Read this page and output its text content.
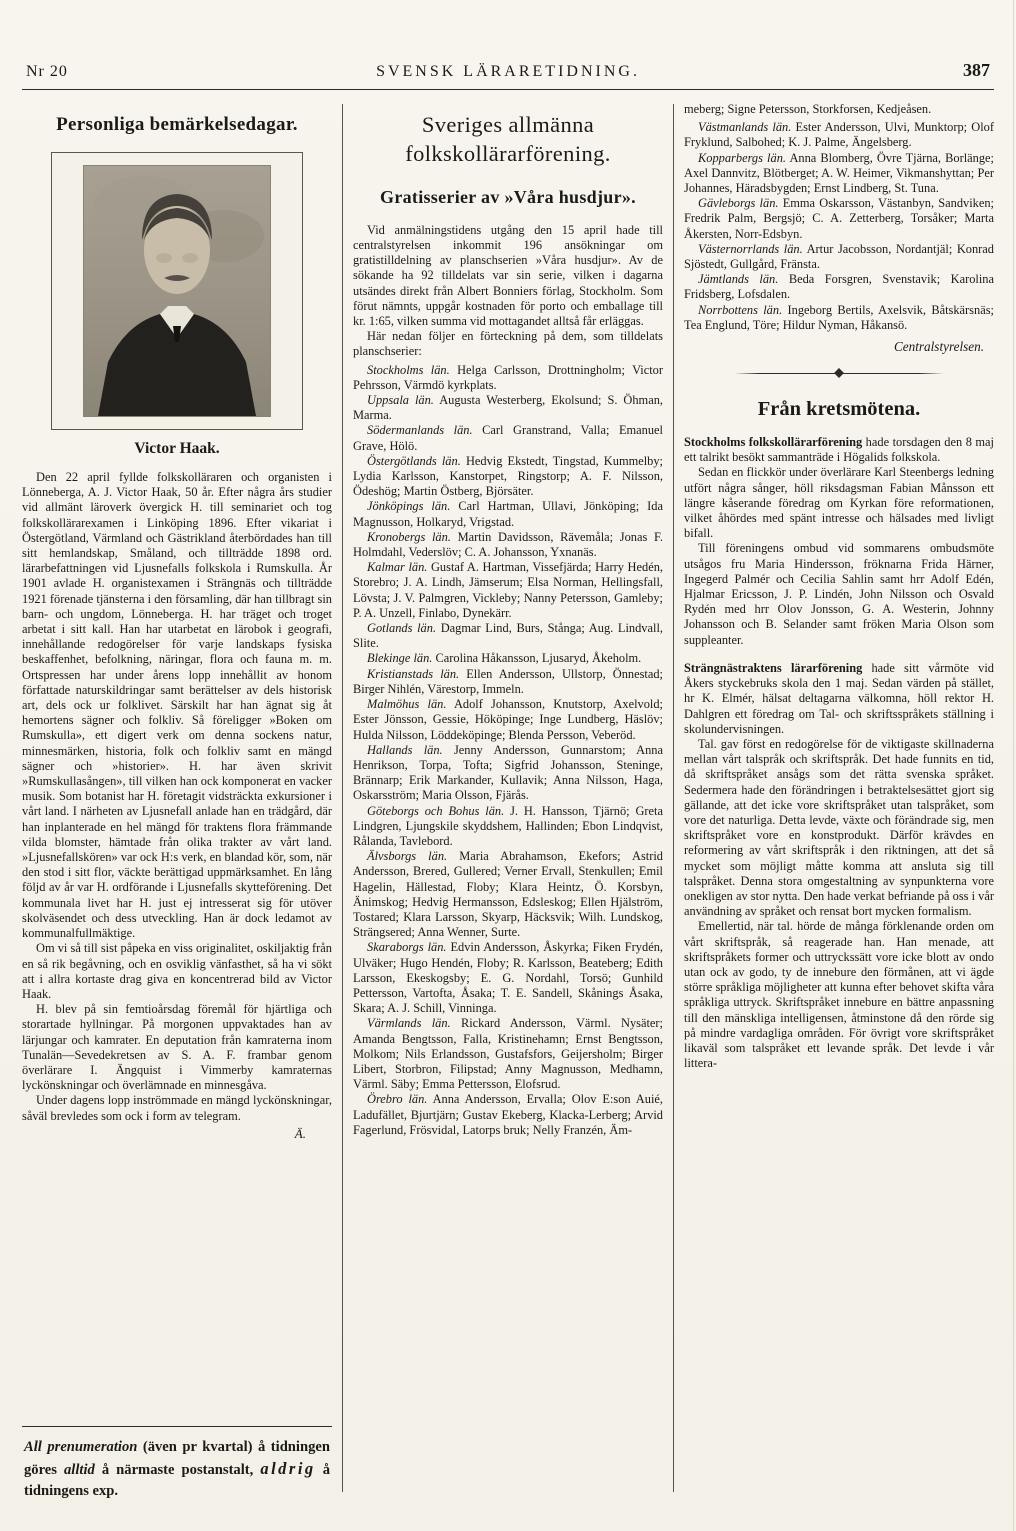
Nr 20	SVENSK LÄRARETIDNING.	387
Personliga bemärkelsedagar.

Victor Haak.

Den 22 april fyllde folkskolläraren och organisten i Lönneberga, A. J. Victor Haak, 50 år. Efter några års studier vid allmänt läroverk övergick H. till seminariet och tog folkskollärarexamen i Linköping 1896. Efter vikariat i Östergötland, Värmland och Gästrikland återbördades han till sitt hemlandskap, Småland, och tillträdde 1898 ord. lärarbefattningen vid Ljusnefalls folkskola i Rumskulla. År 1901 avlade H. organistexamen i Strängnäs och tillträdde 1921 förenade tjänsterna i den församling, där han tillbragt sin barn- och ungdom, Lönneberga. H. har träget och troget arbetat i sitt kall. Han har utarbetat en lärobok i geografi, innehållande redogörelser för varje landskaps fysiska beskaffenhet, befolkning, näringar, flora och fauna m. m. Ortspressen har under årens lopp innehållit av honom författade naturskildringar samt berättelser av dels historisk art, dels ock ur folklivet. Särskilt har han ägnat sig åt hemortens sägner och folkliv. Så föreligger »Boken om Rumskulla», ett digert verk om denna sockens natur, minnesmärken, historia, folk och folkliv samt en mängd sägner och »historier». H. har även skrivit »Rumskullasången», till vilken han ock komponerat en vacker musik. Som botanist har H. företagit vidsträckta exkursioner i vårt land. I närheten av Ljusnefall anlade han en trädgård, där han inplanterade en hel mängd för traktens flora främmande vilda blomster, hämtade från olika trakter av vårt land. »Ljusnefallskören» var ock H:s verk, en blandad kör, som, när den stod i sitt flor, väckte berättigad uppmärksamhet. En lång följd av år var H. ordförande i Ljusnefalls skytteförening. Det kommunala livet har H. just ej intresserat sig för utöver skolväsendet och dess utveckling. Han är dock ledamot av kommunalfullmäktige.

Om vi så till sist påpeka en viss originalitet, oskiljaktig från en så rik begåvning, och en osviklig vänfasthet, så ha vi sökt att i allra kortaste drag giva en koncentrerad bild av Victor Haak.

H. blev på sin femtioårsdag föremål för hjärtliga och storartade hyllningar. På morgonen uppvaktades han av lärjungar och kamrater. En deputation från kamraterna inom Tunalän—Sevedekretsen av S. A. F. frambar genom överlärare I. Ängquist i Vimmerby kamraternas lyckönskningar och överlämnade en minnesgåva.

Under dagens lopp inströmmade en mängd lyckönskningar, såväl brevledes som ock i form av telegram.

Ä.

All prenumeration (även pr kvartal) å tidningen göres alltid å närmaste postanstalt, aldrig å tidningens exp.

Sveriges allmänna folkskollärarförening.
Gratisserier av »Våra husdjur».

Vid anmälningstidens utgång den 15 april hade till centralstyrelsen inkommit 196 ansökningar om gratistilldelning av planschserien »Våra husdjur». Av de sökande ha 92 tilldelats var sin serie, vilken i dagarna utsändes direkt från Albert Bonniers förlag, Stockholm. Som förut nämnts, uppgår kostnaden för porto och emballage till kr. 1:65, vilken summa vid mottagandet alltså får erläggas.

Här nedan följer en förteckning på dem, som tilldelats planschserier:

Stockholms län. Helga Carlsson, Drottningholm; Victor Pehrsson, Värmdö kyrkplats.

Uppsala län. Augusta Westerberg, Ekolsund; S. Öhman, Marma.

Södermanlands län. Carl Granstrand, Valla; Emanuel Grave, Hölö.

Östergötlands län. Hedvig Ekstedt, Tingstad, Kummelby; Lydia Karlsson, Kanstorpet, Ringstorp; A. F. Nilsson, Ödeshög; Martin Östberg, Björsäter.

Jönköpings län. Carl Hartman, Ullavi, Jönköping; Ida Magnusson, Holkaryd, Vrigstad.

Kronobergs län. Martin Davidsson, Rävemåla; Jonas F. Holmdahl, Vederslöv; C. A. Johansson, Yxnanäs.

Kalmar län. Gustaf A. Hartman, Vissefjärda; Harry Hedén, Storebro; J. A. Lindh, Jämserum; Elsa Norman, Hellingsfall, Lövsta; J. V. Palmgren, Vickleby; Nanny Petersson, Gamleby; P. A. Unzell, Finlabo, Dynekärr.

Gotlands län. Dagmar Lind, Burs, Stånga; Aug. Lindvall, Slite.

Blekinge län. Carolina Håkansson, Ljusaryd, Åkeholm.

Kristianstads län. Ellen Andersson, Ullstorp, Önnestad; Birger Nihlén, Värestorp, Immeln.

Malmöhus län. Adolf Johansson, Knutstorp, Axelvold; Ester Jönsson, Gessie, Hököpinge; Inge Lundberg, Häslöv; Hulda Nilsson, Löddeköpinge; Blenda Persson, Veberöd.

Hallands län. Jenny Andersson, Gunnarstom; Anna Henrikson, Torpa, Tofta; Sigfrid Johansson, Steninge, Brännarp; Erik Markander, Kullavik; Anna Nilsson, Haga, Oskarsström; Maria Olsson, Fjärås.

Göteborgs och Bohus län. J. H. Hansson, Tjärnö; Greta Lindgren, Ljungskile skyddshem, Hallinden; Ebon Lindqvist, Rålanda, Tavlebord.

Älvsborgs län. Maria Abrahamson, Ekefors; Astrid Andersson, Brered, Gullered; Verner Ervall, Stenkullen; Emil Hagelin, Hällestad, Floby; Klara Heintz, Ö. Korsbyn, Änimskog; Hedvig Hermansson, Edsleskog; Ellen Hjälström, Tostared; Klara Larsson, Skyarp, Häcksvik; Wilh. Lundskog, Strängsered; Anna Wenner, Surte.

Skaraborgs län. Edvin Andersson, Åskyrka; Fiken Frydén, Ulväker; Hugo Hendén, Floby; R. Karlsson, Beateberg; Edith Larsson, Ekeskogsby; E. G. Nordahl, Torsö; Gunhild Pettersson, Vartofta, Åsaka; T. E. Sandell, Skånings Åsaka, Skara; A. J. Schill, Vinninga.

Värmlands län. Rickard Andersson, Värml. Nysäter; Amanda Bengtsson, Falla, Kristinehamn; Ernst Bengtsson, Molkom; Nils Erlandsson, Gustafsfors, Geijersholm; Birger Libert, Storbron, Filipstad; Anny Magnusson, Medhamn, Värml. Säby; Emma Pettersson, Elofsrud.

Örebro län. Anna Andersson, Ervalla; Olov E:son Auié, Ladufället, Bjurtjärn; Gustav Ekeberg, Klacka-Lerberg; Arvid Fagerlund, Frösvidal, Latorps bruk; Nelly Franzén, Äm-

meberg; Signe Petersson, Storkforsen, Kedjeåsen.

Västmanlands län. Ester Andersson, Ulvi, Munktorp; Olof Fryklund, Salbohed; K. J. Palme, Ängelsberg.

Kopparbergs län. Anna Blomberg, Övre Tjärna, Borlänge; Axel Dannvitz, Blötberget; A. W. Heimer, Vikmanshyttan; Per Johannes, Häradsbygden; Ernst Lindberg, St. Tuna.

Gävleborgs län. Emma Oskarsson, Västanbyn, Sandviken; Fredrik Palm, Bergsjö; C. A. Zetterberg, Torsåker; Marta Åkersten, Norr-Edsbyn.

Västernorrlands län. Artur Jacobsson, Nordantjäl; Konrad Sjöstedt, Gullgård, Fränsta.

Jämtlands län. Beda Forsgren, Svenstavik; Karolina Fridsberg, Lofsdalen.

Norrbottens län. Ingeborg Bertils, Axelsvik, Båtskärsnäs; Tea Englund, Töre; Hildur Nyman, Håkansö.

Centralstyrelsen.

Från kretsmötena.

Stockholms folkskollärarförening hade torsdagen den 8 maj ett talrikt besökt sammanträde i Högalids folkskola.

Sedan en flickkör under överlärare Karl Steenbergs ledning utfört några sånger, höll riksdagsman Fabian Månsson ett längre kåserande föredrag om Kyrkan före reformationen, vilket åhördes med spänt intresse och hälsades med livligt bifall.

Till föreningens ombud vid sommarens ombudsmöte utsågos fru Maria Hindersson, fröknarna Frida Härner, Ingegerd Palmér och Cecilia Sahlin samt hrr Adolf Edén, Hjalmar Ericsson, J. P. Lindén, John Nilsson och Osvald Rydén med hrr Olov Jonsson, G. A. Westerin, Johnny Johansson och B. Selander samt fröken Maria Olson som suppleanter.

Strängnästraktens lärarförening hade sitt vårmöte vid Åkers styckebruks skola den 1 maj. Sedan värden på stället, hr K. Elmér, hälsat deltagarna välkomna, höll rektor H. Dahlgren ett föredrag om Tal- och skriftsspråkets ställning i skolundervisningen.

Tal. gav först en redogörelse för de viktigaste skillnaderna mellan vårt talspråk och skriftspråk. Det hade funnits en tid, då skriftspråket ansågs som det rätta svenska språket. Sedermera hade den förändringen i betraktelsesättet gjort sig gällande, att det icke vore skriftspråket utan talspråket, som vore det naturliga. Detta levde, växte och förändrade sig, men skriftspråket vore en konstprodukt. Därför krävdes en reformering av vårt skriftspråk i den riktningen, att det så mycket som möjligt måtte komma att ansluta sig till talspråket. Denna stora omgestaltning av synpunkterna vore onekligen av stor nytta. Den hade verkat befriande på oss i vår användning av språket och rensat bort mycken formalism.

Emellertid, när tal. hörde de många förklenande orden om vårt skriftspråk, så reagerade han. Han menade, att skriftspråkets former och uttryckssätt vore icke blott av ondo utan ock av godo, ty de innebure den förmånen, att vi ägde större språkliga möjligheter att kunna efter behovet skifta våra språkliga uttryck. Skriftspråket innebure en bättre anpassning till den mänskliga intelligensen, åtminstone då den rörde sig på mindre vardagliga områden. För övrigt vore skriftspråket likaväl som talspråket ett levande språk. Det levde i vår littera-
